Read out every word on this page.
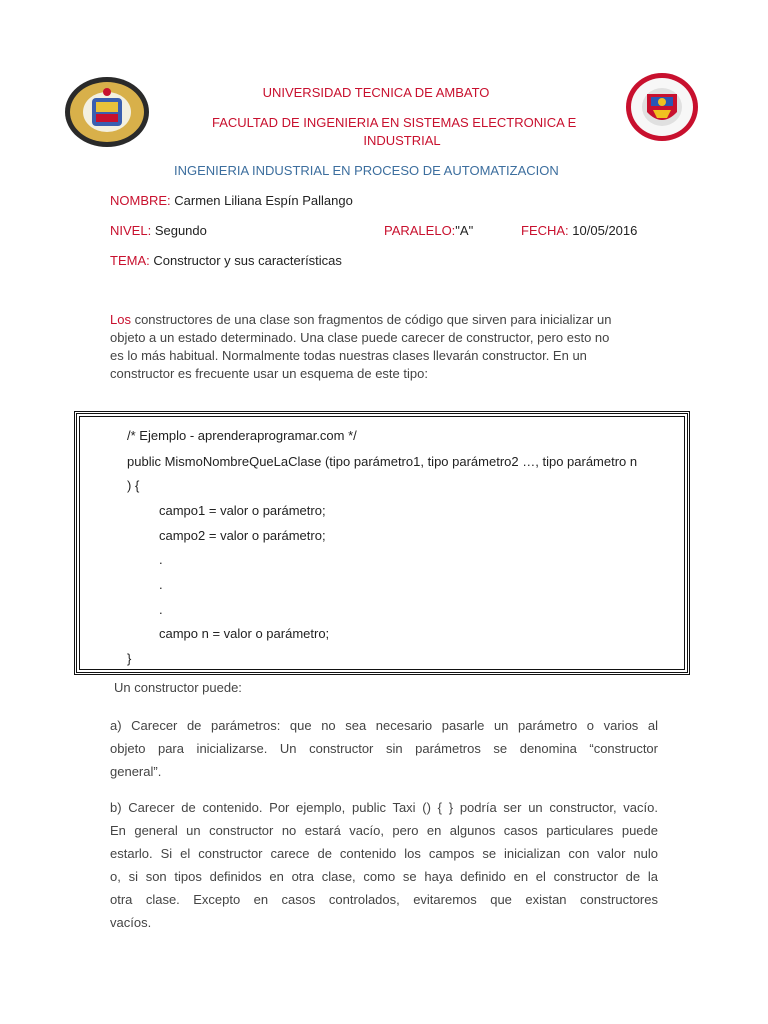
UNIVERSIDAD TECNICA DE AMBATO
FACULTAD DE INGENIERIA EN SISTEMAS ELECTRONICA E
INDUSTRIAL
INGENIERIA INDUSTRIAL EN PROCESO DE AUTOMATIZACION
NOMBRE: Carmen Liliana Espín Pallango
NIVEL: Segundo	PARALELO:"A"	FECHA: 10/05/2016
TEMA: Constructor y sus características
Los constructores de una clase son fragmentos de código que sirven para inicializar un
objeto a un estado determinado. Una clase puede carecer de constructor, pero esto no
es lo más habitual. Normalmente todas nuestras clases llevarán constructor. En un
constructor es frecuente usar un esquema de este tipo:
/* Ejemplo - aprenderaprogramar.com */
public MismoNombreQueLaClase (tipo parámetro1, tipo parámetro2 …, tipo parámetro n
) {
campo1 = valor o parámetro;
campo2 = valor o parámetro;
.
.
.
campo n = valor o parámetro;
}
Un constructor puede:
a) Carecer de parámetros: que no sea necesario pasarle un parámetro o varios al
objeto para inicializarse. Un constructor sin parámetros se denomina “constructor
general”.
b) Carecer de contenido. Por ejemplo, public Taxi () { } podría ser un constructor, vacío.
En general un constructor no estará vacío, pero en algunos casos particulares puede
estarlo. Si el constructor carece de contenido los campos se inicializan con valor nulo
o, si son tipos definidos en otra clase, como se haya definido en el constructor de la
otra clase. Excepto en casos controlados, evitaremos que existan constructores
vacíos.
